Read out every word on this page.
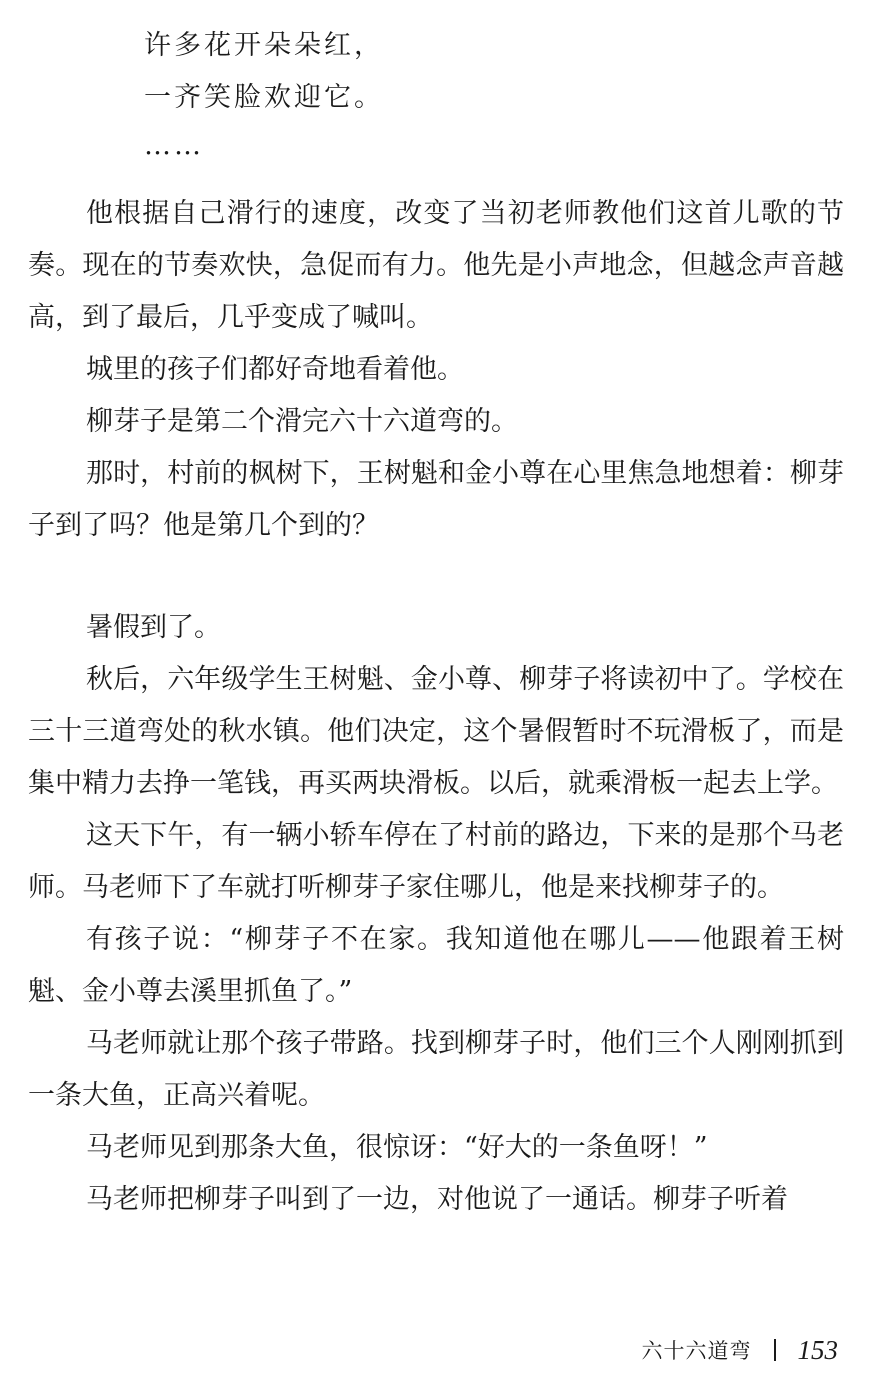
许多花开朵朵红，
一齐笑脸欢迎它。
……

他根据自己滑行的速度，改变了当初老师教他们这首儿歌的节奏。现在的节奏欢快，急促而有力。他先是小声地念，但越念声音越高，到了最后，几乎变成了喊叫。

城里的孩子们都好奇地看着他。

柳芽子是第二个滑完六十六道弯的。

那时，村前的枫树下，王树魁和金小尊在心里焦急地想着：柳芽子到了吗？他是第几个到的？

暑假到了。

秋后，六年级学生王树魁、金小尊、柳芽子将读初中了。学校在三十三道弯处的秋水镇。他们决定，这个暑假暂时不玩滑板了，而是集中精力去挣一笔钱，再买两块滑板。以后，就乘滑板一起去上学。

这天下午，有一辆小轿车停在了村前的路边，下来的是那个马老师。马老师下了车就打听柳芽子家住哪儿，他是来找柳芽子的。

有孩子说：“柳芽子不在家。我知道他在哪儿——他跟着王树魁、金小尊去溪里抓鱼了。”

马老师就让那个孩子带路。找到柳芽子时，他们三个人刚刚抓到一条大鱼，正高兴着呢。

马老师见到那条大鱼，很惊讶：“好大的一条鱼呀！”

马老师把柳芽子叫到了一边，对他说了一通话。柳芽子听着

六十六道弯 153
